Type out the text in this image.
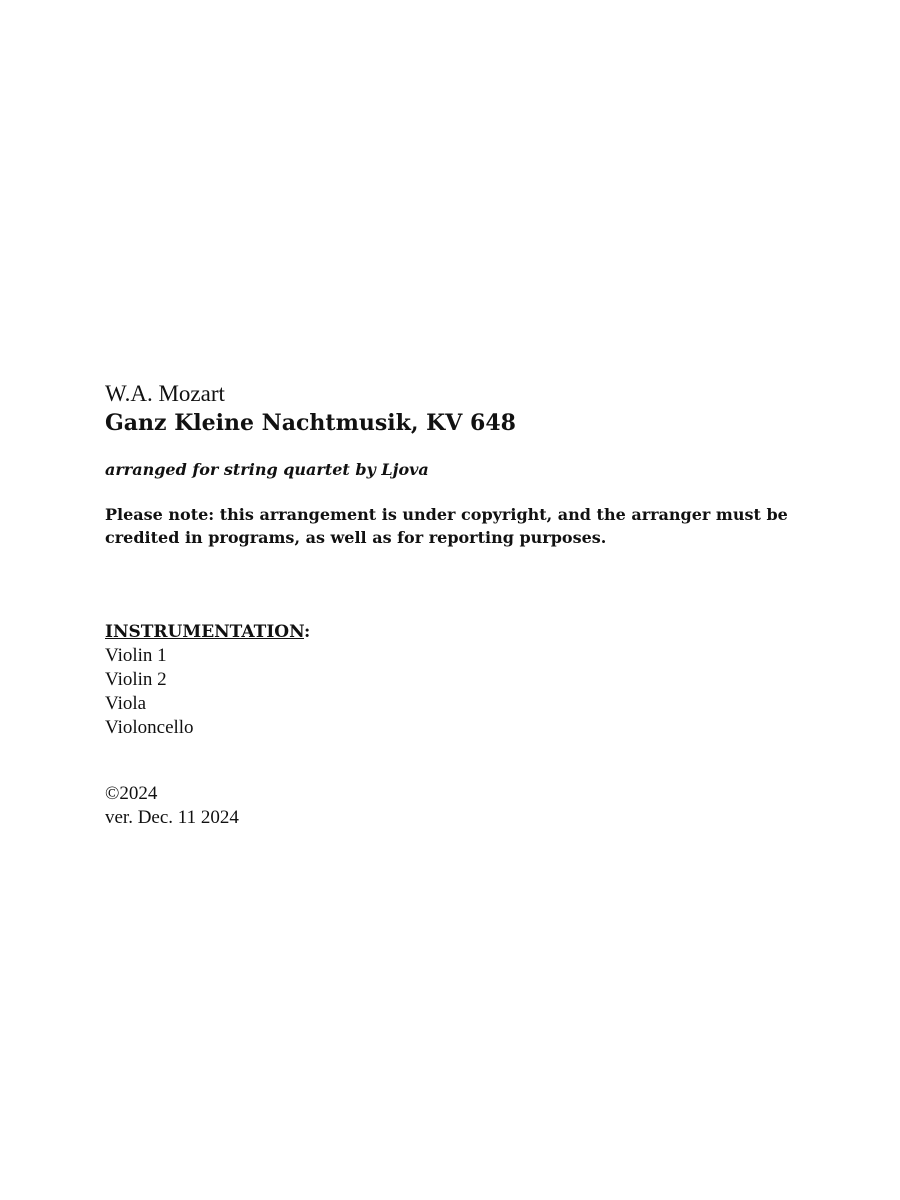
W.A. Mozart
Ganz Kleine Nachtmusik, KV 648
arranged for string quartet by Ljova
Please note: this arrangement is under copyright, and the arranger must be credited in programs, as well as for reporting purposes.
INSTRUMENTATION:
Violin 1
Violin 2
Viola
Violoncello
©2024
ver. Dec. 11 2024
